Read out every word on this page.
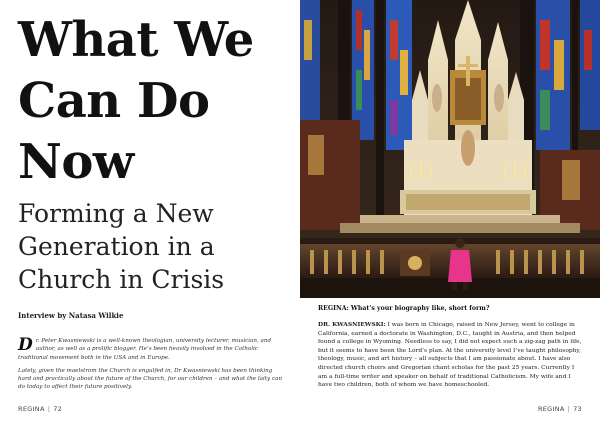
What We
Can Do
Now
Forming a New
Generation in a
Church in Crisis
Interview by Natasa Wilkie

Dr. Peter Kwasniewski is a well-known theologian, university lecturer, musician, and author, as well as a prolific blogger. He’s been heavily involved in the Catholic traditional movement both in the USA and in Europe.

Lately, given the maelstrom the Church is engulfed in, Dr Kwasniewski has been thinking hard and practically about the future of the Church, for our children – and what the laity can do today to affect their future positively.

REGINA | 72
REGINA: What’s your biography like, short form?

DR. KWASNIEWSKI: I was born in Chicago, raised in New Jersey, went to college in California, earned a doctorate in Washington, D.C., taught in Austria, and then helped found a college in Wyoming. Needless to say, I did not expect such a zig-zag path in life, but it seems to have been the Lord’s plan. At the university level I’ve taught philosophy, theology, music, and art history – all subjects that I am passionate about. I have also directed church choirs and Gregorian chant scholas for the past 25 years. Currently I am a full-time writer and speaker on behalf of traditional Catholicism. My wife and I have two children, both of whom we have homeschooled.

REGINA | 73
